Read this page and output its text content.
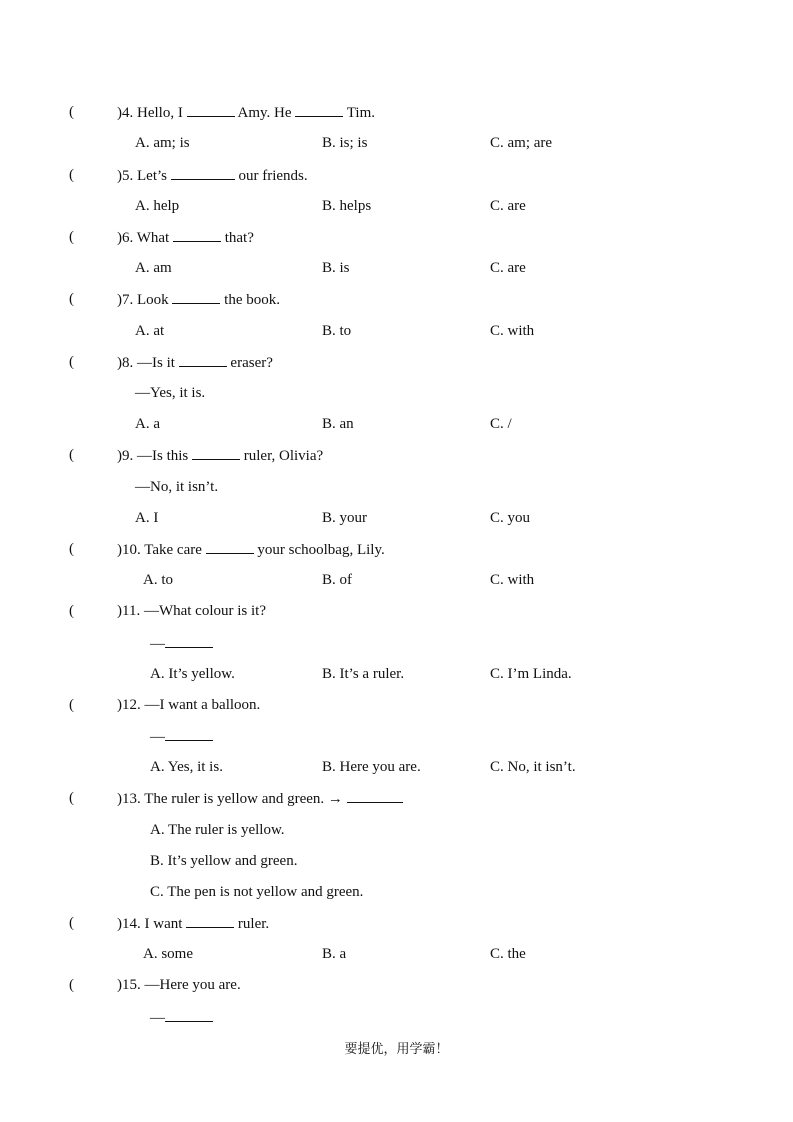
(	)4. Hello, I	Amy. He	Tim.
A. am; is	B. is; is	C. am; are
(	)5. Let’s	our friends.
A. help	B. helps	C. are
(	)6. What	that?
A. am	B. is	C. are
(	)7. Look	the book.
A. at	B. to	C. with
(	)8. —Is it	eraser?
—Yes, it is.
A. a	B. an	C. /
(	)9. —Is this	ruler, Olivia?
—No, it isn’t.
A. I	B. your	C. you
(	)10. Take care	your schoolbag, Lily.
A. to	B. of	C. with
(	)11. —What colour is it?
—
A. It’s yellow.	B. It’s a ruler.	C. I’m Linda.
(	)12. —I want a balloon.
—
A. Yes, it is.	B. Here you are.	C. No, it isn’t.
(	)13. The ruler is yellow and green. →
A. The ruler is yellow.
B. It’s yellow and green.
C. The pen is not yellow and green.
(	)14. I want	ruler.
A. some	B. a	C. the
(	)15. —Here you are.
—
要提优，用学霸！
